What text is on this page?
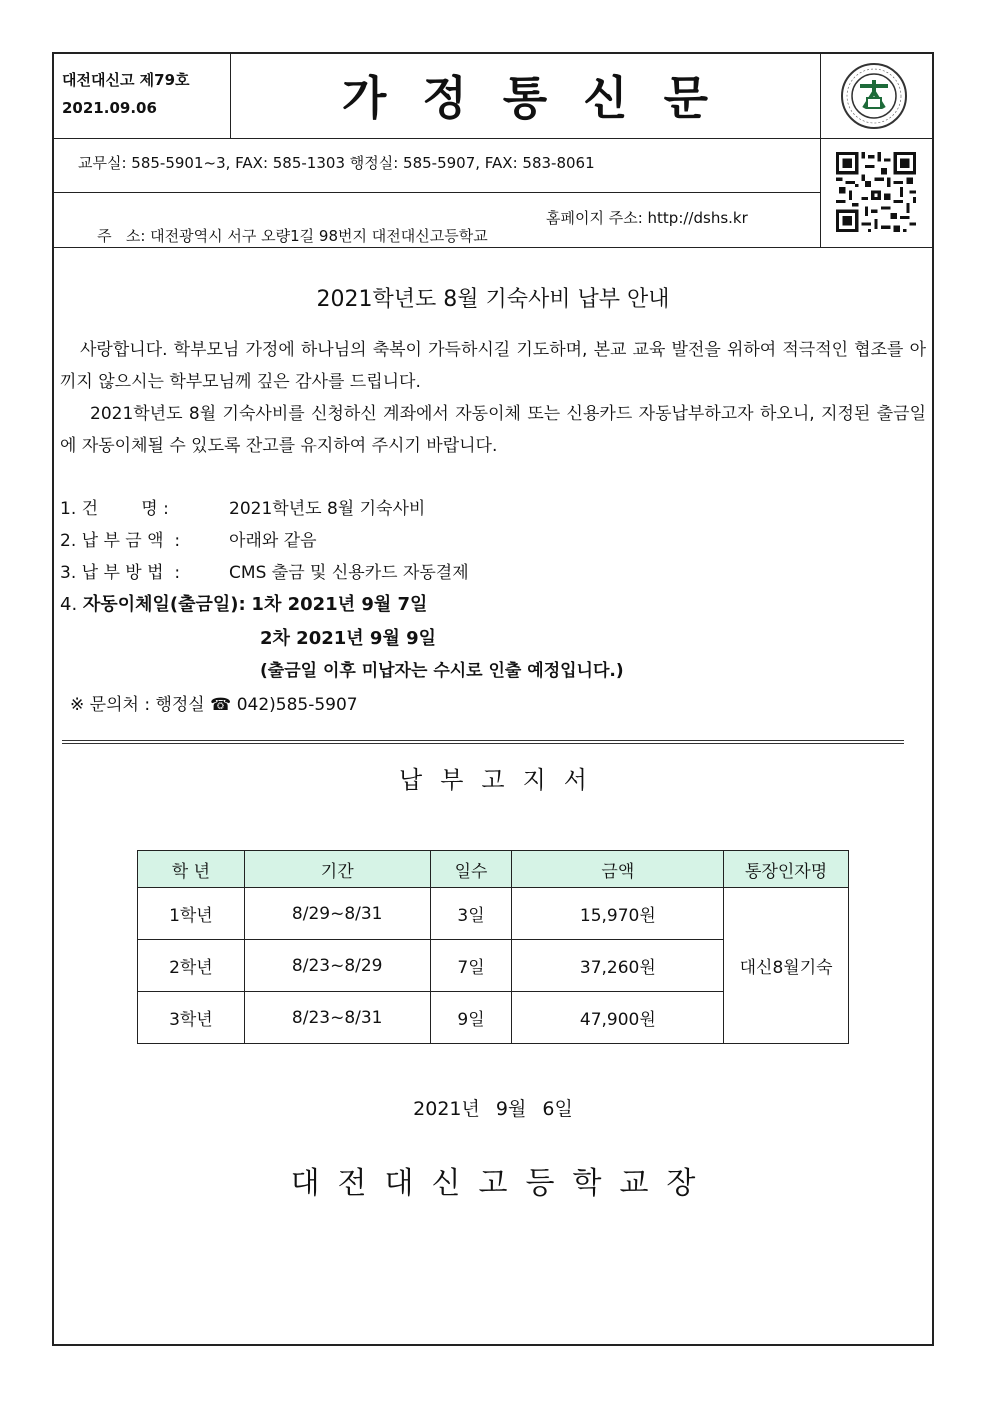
대전대신고 제79호
2021.09.06	가정통신문
교무실: 585-5901~3, FAX: 585-1303 행정실: 585-5907, FAX: 583-8061

주   소: 대전광역시 서구 오량1길 98번지 대전대신고등학교

홈페이지 주소: http://dshs.kr

2021학년도 8월 기숙사비 납부 안내
사랑합니다. 학부모님 가정에 하나님의 축복이 가득하시길 기도하며, 본교 교육 발전을 위하여 적극적인 협조를 아끼지 않으시는 학부모님께 깊은 감사를 드립니다.
2021학년도 8월 기숙사비를 신청하신 계좌에서 자동이체 또는 신용카드 자동납부하고자 하오니, 지정된 출금일에 자동이체될 수 있도록 잔고를 유지하여 주시기 바랍니다.
1. 건        명 :	2021학년도 8월 기숙사비
2. 납 부 금 액  :	아래와 같음
3. 납 부 방 법  :	CMS 출금 및 신용카드 자동결제
4. 자동이체일(출금일): 1차 2021년 9월 7일
2차 2021년 9월 9일
(출금일 이후 미납자는 수시로 인출 예정입니다.)
※ 문의처 : 행정실 ☎ 042)585-5907
납부고지서
학 년	기간	일수	금액	통장인자명
1학년	8/29~8/31	3일	15,970원	대신8월기숙
2학년	8/23~8/29	7일	37,260원	
3학년	8/23~8/31	9일	47,900원	
2021년 9월 6일
대전대신고등학교장
